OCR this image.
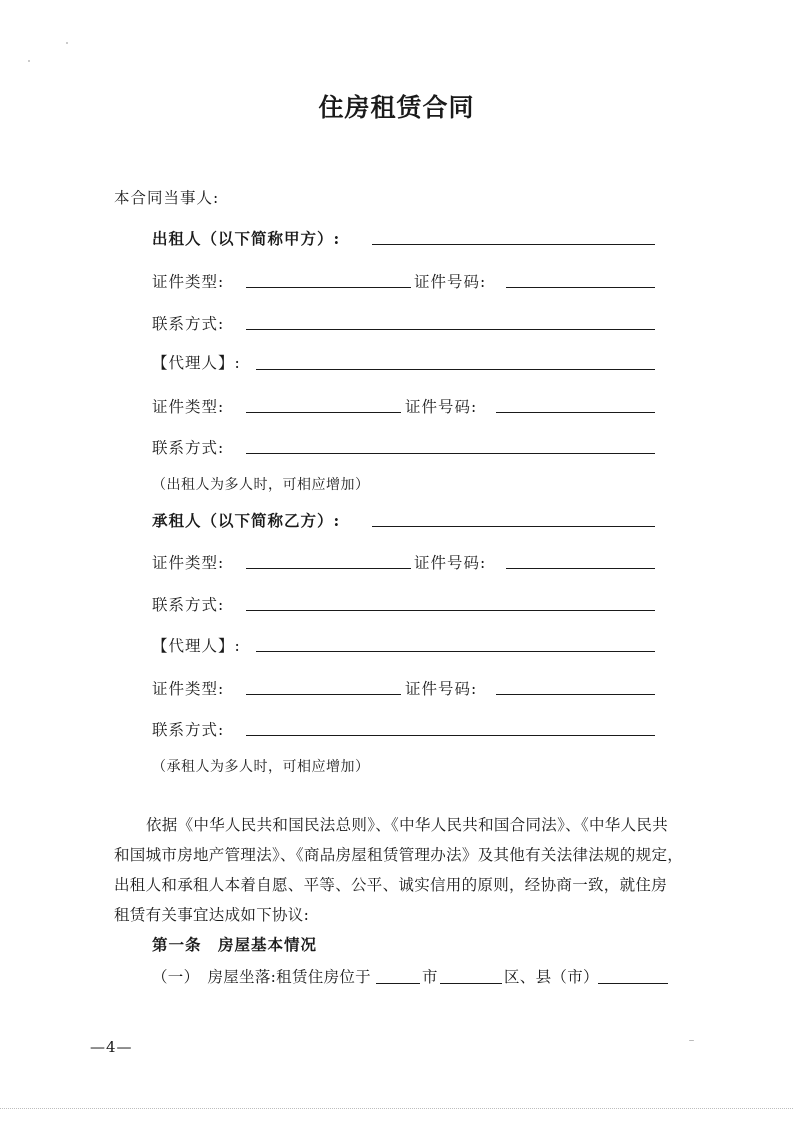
住房租赁合同
本合同当事人:
出租人（以下简称甲方）:
证件类型:	证件号码:
联系方式:
【代理人】:
证件类型:	证件号码:
联系方式:
（出租人为多人时，可相应增加）
承租人（以下简称乙方）:
证件类型:	证件号码:
联系方式:
【代理人】:
证件类型:	证件号码:
联系方式:
（承租人为多人时，可相应增加）
依据《中华人民共和国民法总则》、《中华人民共和国合同法》、《中华人民共
和国城市房地产管理法》、《商品房屋租赁管理办法》及其他有关法律法规的规定，
出租人和承租人本着自愿、平等、公平、诚实信用的原则，经协商一致，就住房
租赁有关事宜达成如下协议:
第一条　房屋基本情况
（一）　房屋坐落:租赁住房位于	市	区、县（市）
—4—
